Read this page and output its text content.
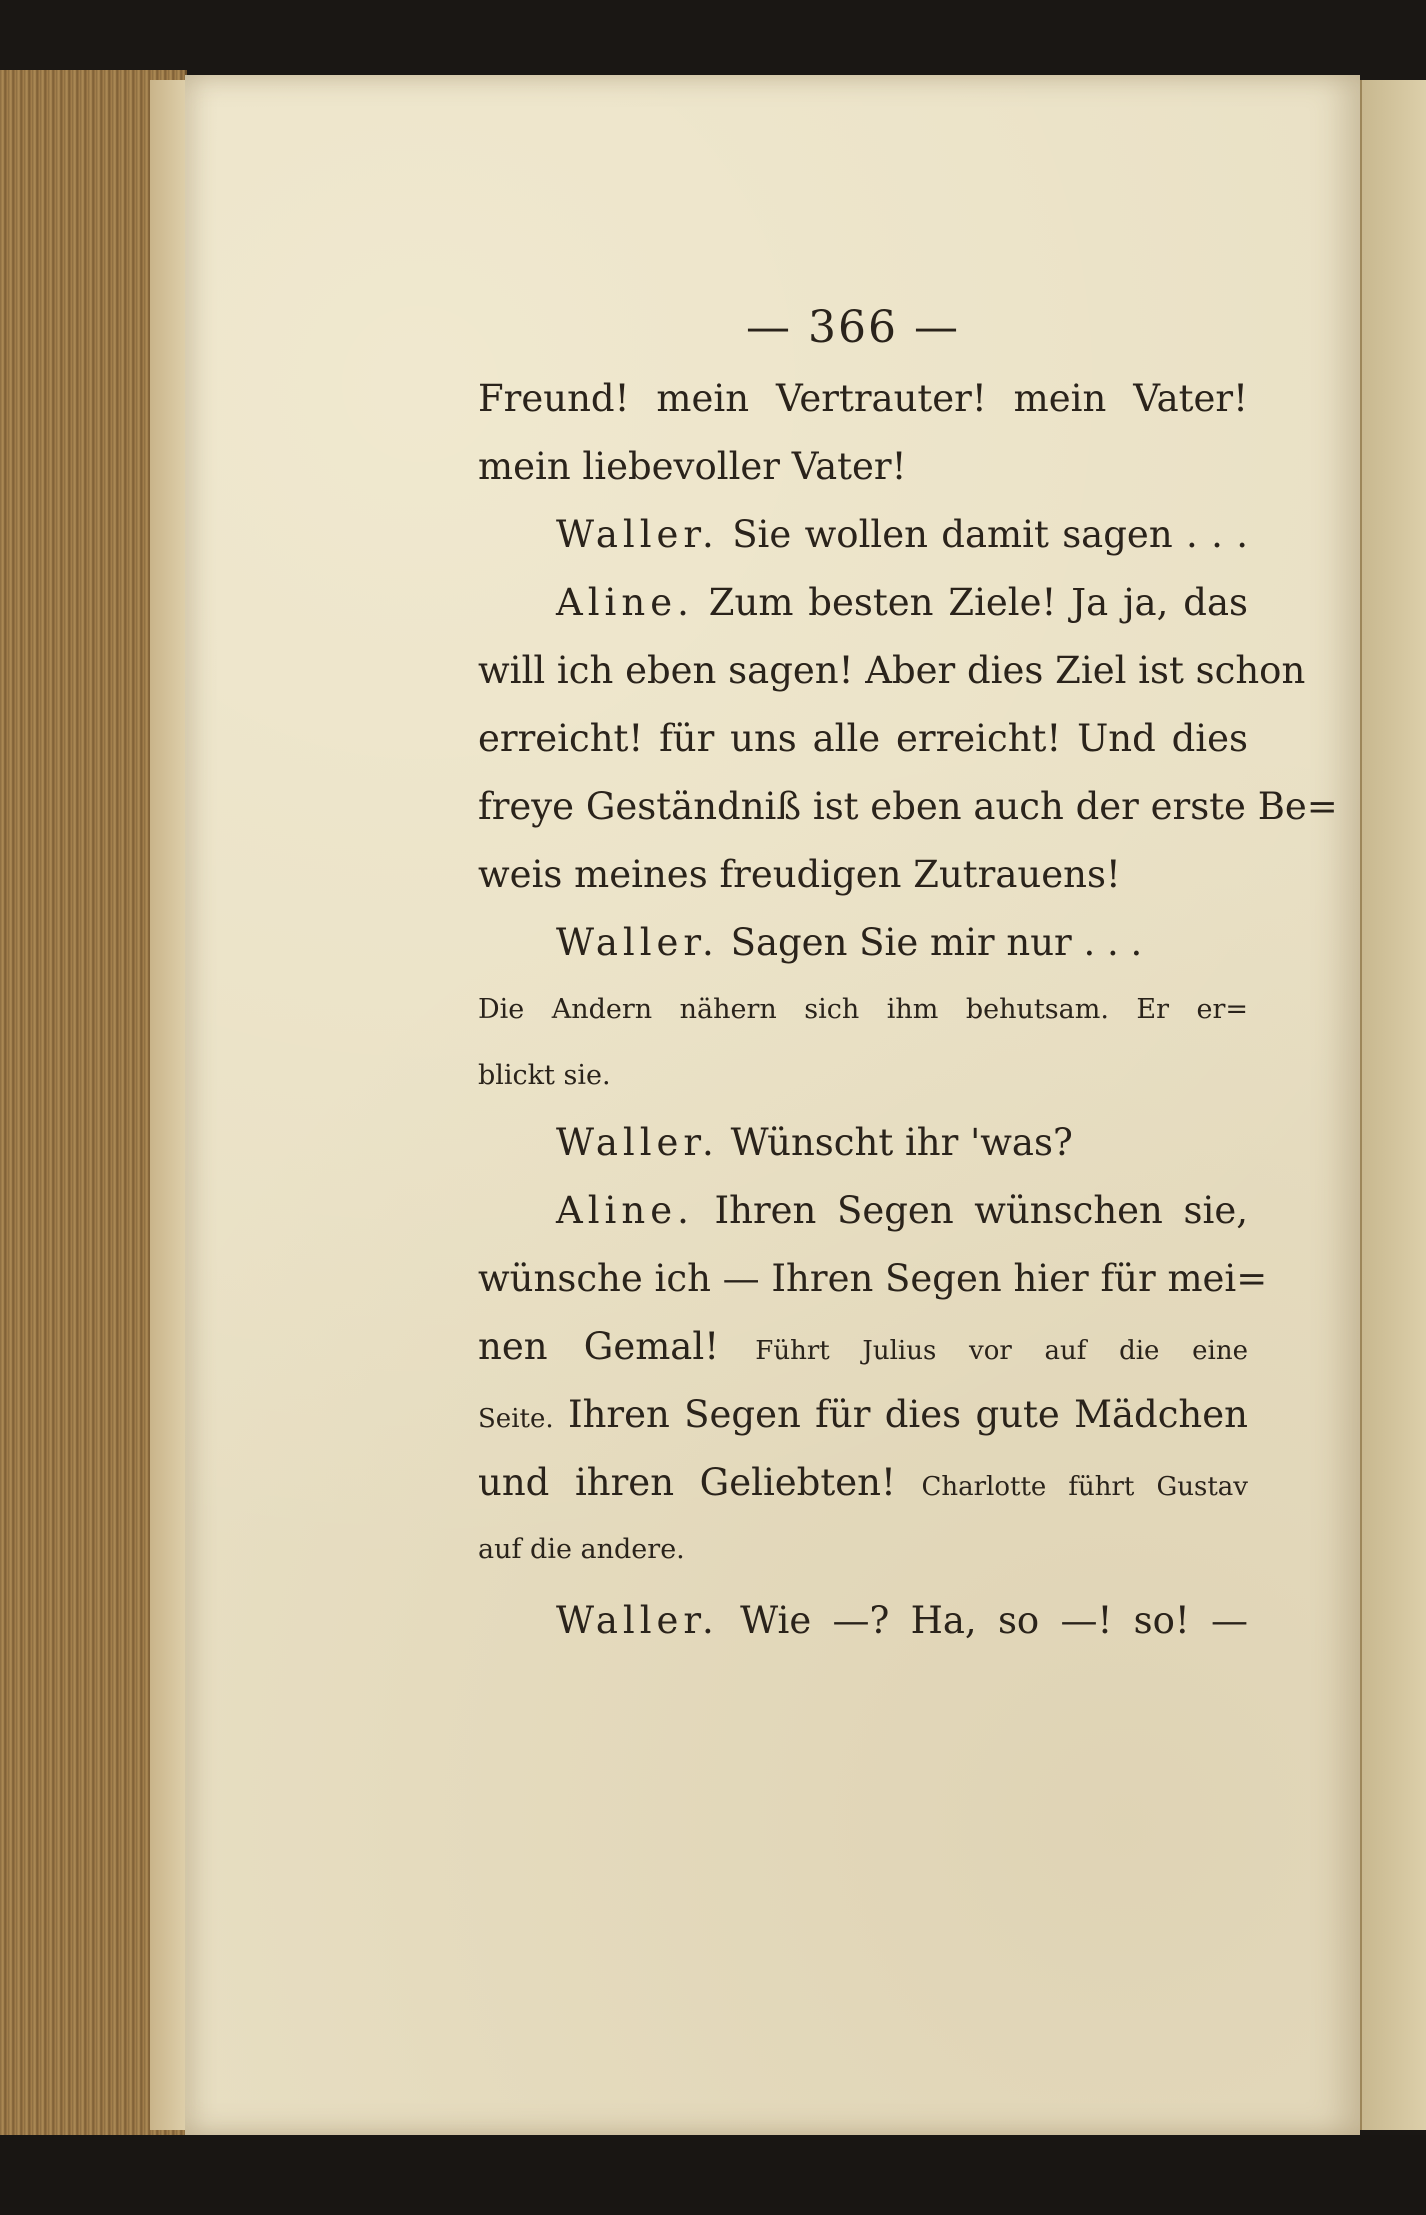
— 366 —
Freund! mein Vertrauter! mein Vater!
mein liebevoller Vater!
Waller. Sie wollen damit sagen . . .
Aline. Zum besten Ziele! Ja ja, das
will ich eben sagen! Aber dies Ziel ist schon
erreicht! für uns alle erreicht! Und dies
freye Geständniß ist eben auch der erste Be=
weis meines freudigen Zutrauens!
Waller. Sagen Sie mir nur . . .
Die Andern nähern sich ihm behutsam. Er er=
blickt sie.
Waller. Wünscht ihr 'was?
Aline. Ihren Segen wünschen sie,
wünsche ich — Ihren Segen hier für mei=
nen Gemal! Führt Julius vor auf die eine
Seite. Ihren Segen für dies gute Mädchen
und ihren Geliebten! Charlotte führt Gustav
auf die andere.
Waller. Wie —? Ha, so —! so! —
